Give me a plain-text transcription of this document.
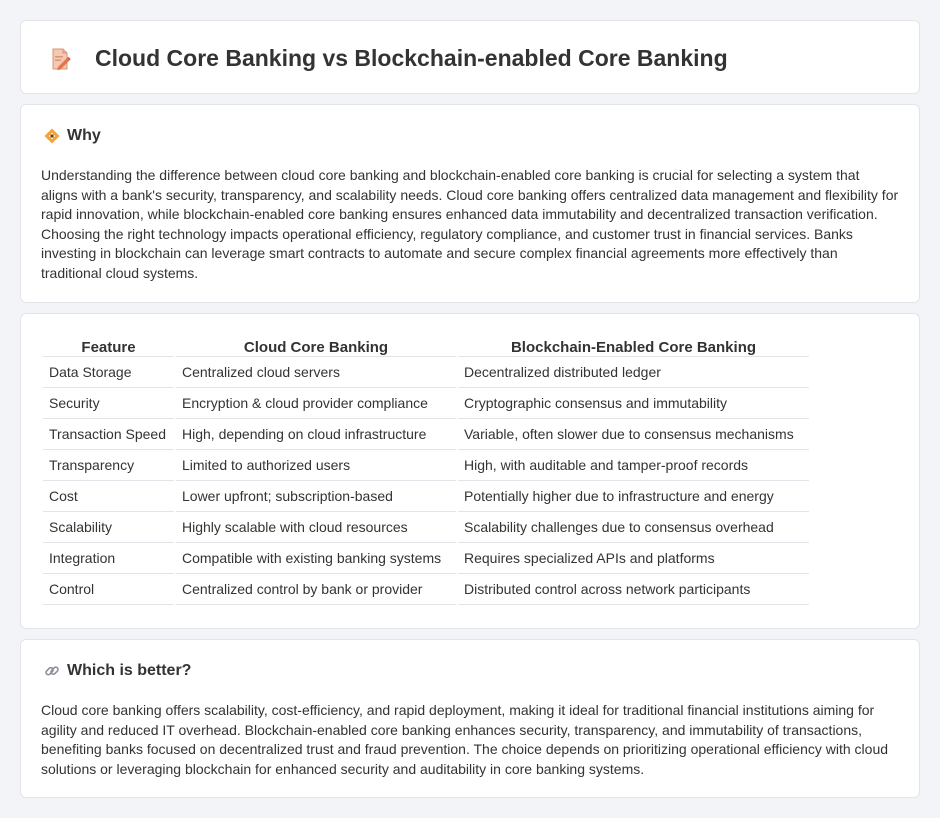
Cloud Core Banking vs Blockchain-enabled Core Banking
Why

Understanding the difference between cloud core banking and blockchain-enabled core banking is crucial for selecting a system that aligns with a bank's security, transparency, and scalability needs. Cloud core banking offers centralized data management and flexibility for rapid innovation, while blockchain-enabled core banking ensures enhanced data immutability and decentralized transaction verification. Choosing the right technology impacts operational efficiency, regulatory compliance, and customer trust in financial services. Banks investing in blockchain can leverage smart contracts to automate and secure complex financial agreements more effectively than traditional cloud systems.

Feature	Cloud Core Banking	Blockchain-Enabled Core Banking
Data Storage	Centralized cloud servers	Decentralized distributed ledger
Security	Encryption & cloud provider compliance	Cryptographic consensus and immutability
Transaction Speed	High, depending on cloud infrastructure	Variable, often slower due to consensus mechanisms
Transparency	Limited to authorized users	High, with auditable and tamper-proof records
Cost	Lower upfront; subscription-based	Potentially higher due to infrastructure and energy
Scalability	Highly scalable with cloud resources	Scalability challenges due to consensus overhead
Integration	Compatible with existing banking systems	Requires specialized APIs and platforms
Control	Centralized control by bank or provider	Distributed control across network participants
Which is better?

Cloud core banking offers scalability, cost-efficiency, and rapid deployment, making it ideal for traditional financial institutions aiming for agility and reduced IT overhead. Blockchain-enabled core banking enhances security, transparency, and immutability of transactions, benefiting banks focused on decentralized trust and fraud prevention. The choice depends on prioritizing operational efficiency with cloud solutions or leveraging blockchain for enhanced security and auditability in core banking systems.
